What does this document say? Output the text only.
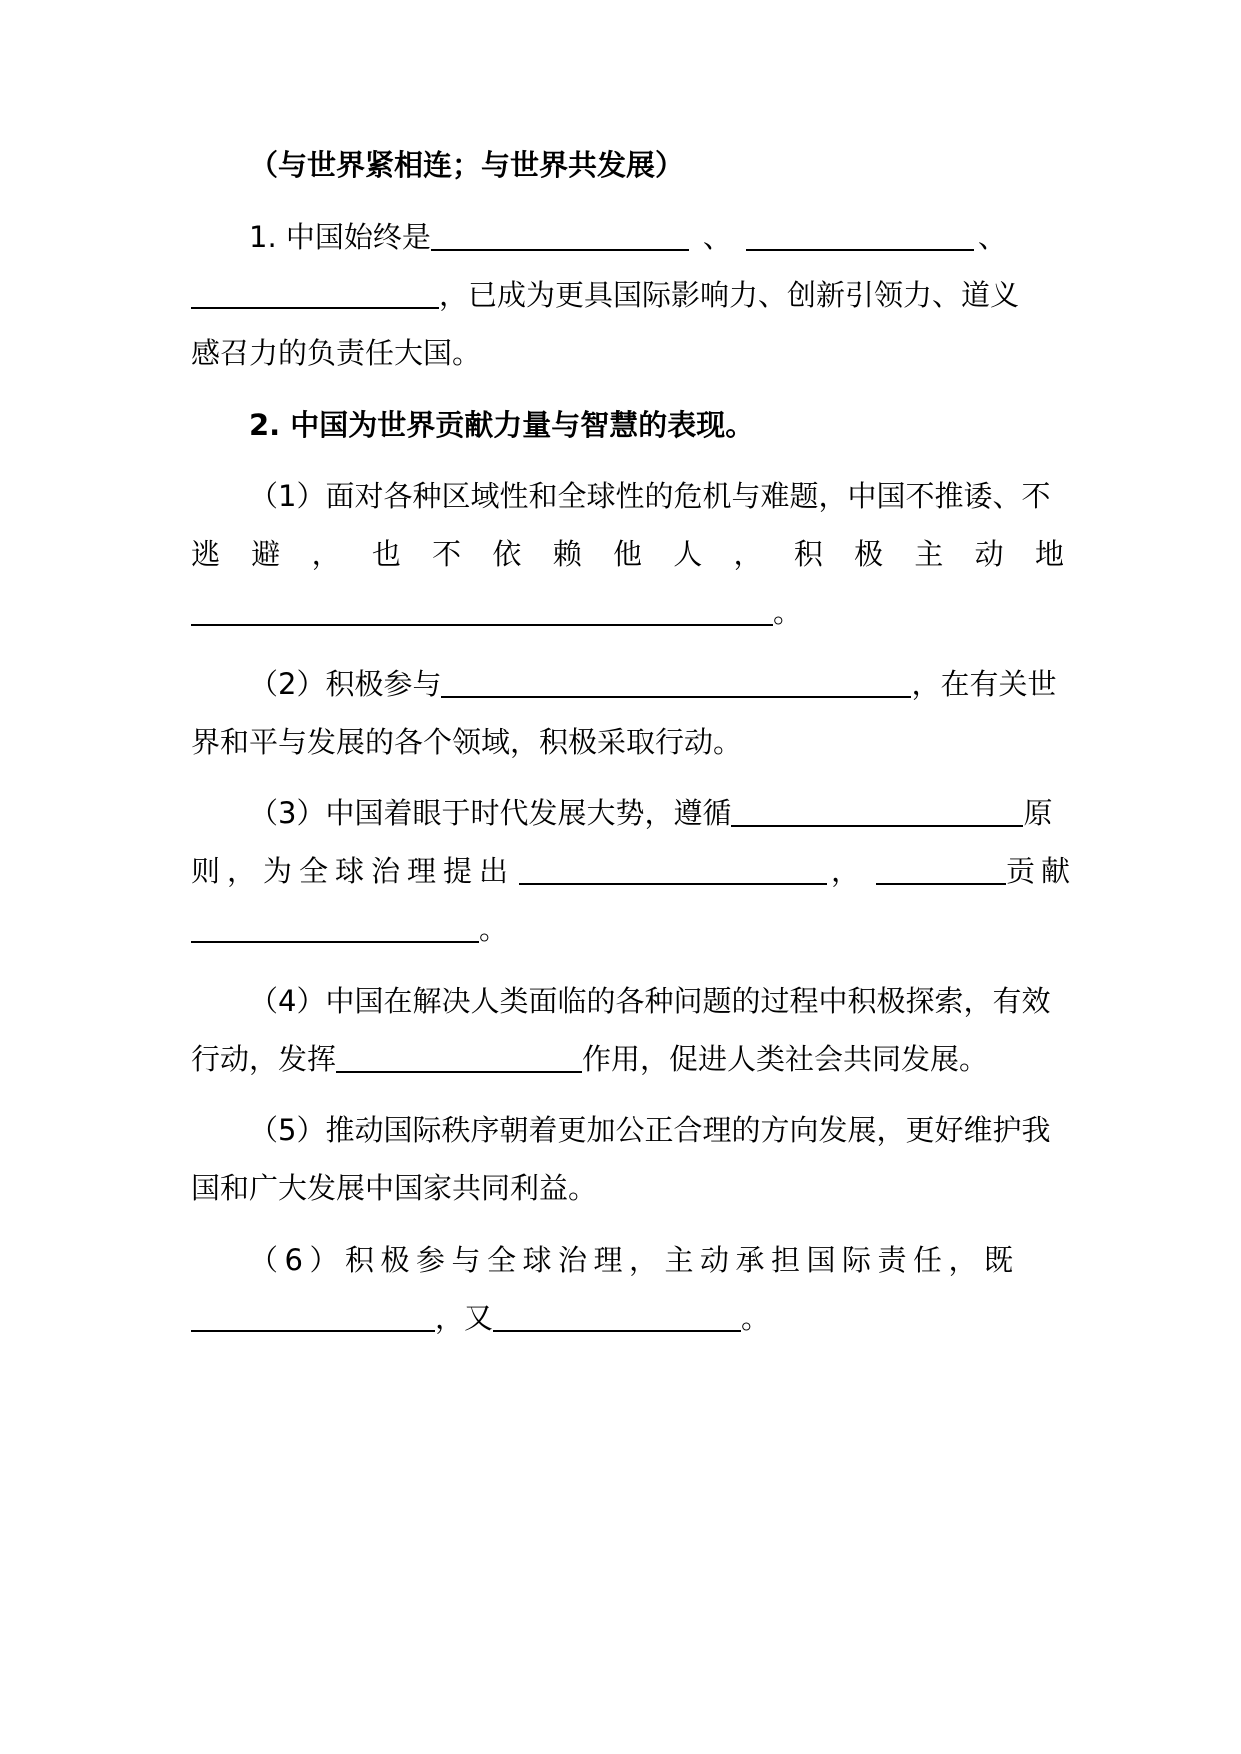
（与世界紧相连；与世界共发展）
1. 中国始终是	、	、
，已成为更具国际影响力、创新引领力、道义
感召力的负责任大国。
2. 中国为世界贡献力量与智慧的表现。
（1）面对各种区域性和全球性的危机与难题，中国不推诿、不
逃 避 ， 也 不 依 赖 他 人 ， 积 极 主 动 地
。
（2）积极参与	，在有关世
界和平与发展的各个领域，积极采取行动。
（3）中国着眼于时代发展大势，遵循	原
则，为全球治理提出	，	贡献
。
（4）中国在解决人类面临的各种问题的过程中积极探索，有效
行动，发挥	作用，促进人类社会共同发展。
（5）推动国际秩序朝着更加公正合理的方向发展，更好维护我
国和广大发展中国家共同利益。
（6）积极参与全球治理，主动承担国际责任，既
，又	。
